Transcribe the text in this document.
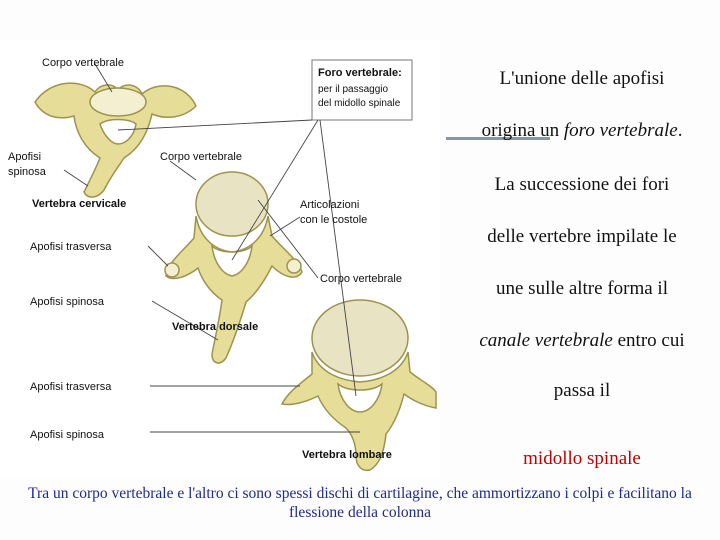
Corpo vertebrale
Foro vertebrale:
per il passaggio
del midollo spinale
Apofisi
spinosa
Corpo vertebrale
Vertebra cervicale	Articolazioni
con le costole
Apofisi trasversa
Corpo vertebrale
Apofisi spinosa
Vertebra dorsale
Apofisi trasversa
Apofisi spinosa
Vertebra lombare
L'unione delle apofisi
origina un foro vertebrale.
La successione dei fori
delle vertebre impilate le
une sulle altre forma il
canale vertebrale entro cui
passa il
midollo spinale
Tra un corpo vertebrale e l'altro ci sono spessi dischi di cartilagine, che ammortizzano i colpi e facilitano la flessione della colonna
